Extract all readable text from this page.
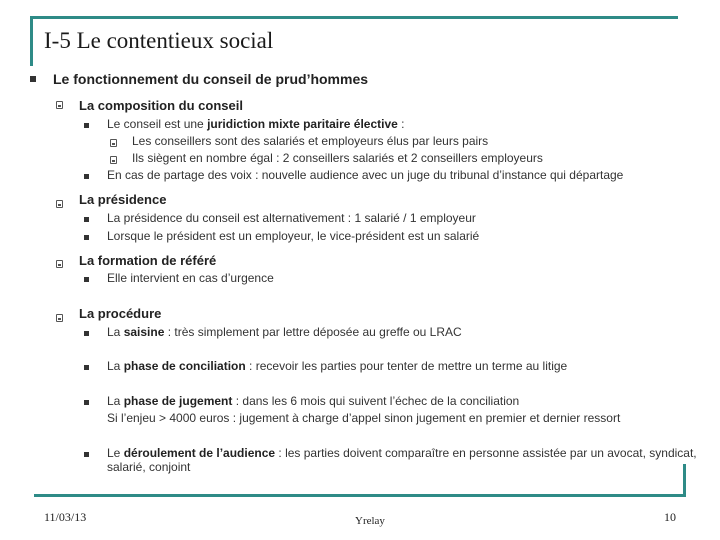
I-5 Le contentieux social
Le fonctionnement du conseil de prud’hommes
La composition du conseil
Le conseil est une juridiction mixte paritaire élective :
Les conseillers sont des salariés et employeurs élus par leurs pairs
Ils siègent en nombre égal : 2 conseillers salariés et 2 conseillers employeurs
En cas de partage des voix : nouvelle audience avec un juge du tribunal d’instance qui départage
La présidence
La présidence du conseil est alternativement : 1 salarié / 1 employeur
Lorsque le président est un employeur, le vice-président est un salarié
La formation de référé
Elle intervient en cas d’urgence
La procédure
La saisine : très simplement par lettre déposée au greffe ou LRAC
La phase de conciliation : recevoir les parties pour tenter de mettre un terme au litige
La phase de jugement : dans les 6 mois qui suivent l’échec de la conciliation
Si l’enjeu > 4000 euros : jugement à charge d’appel sinon jugement en premier et dernier ressort
Le déroulement de l’audience : les parties doivent comparaître en personne assistée par un avocat, syndicat,
salarié, conjoint
11/03/13	Yrelay	10
